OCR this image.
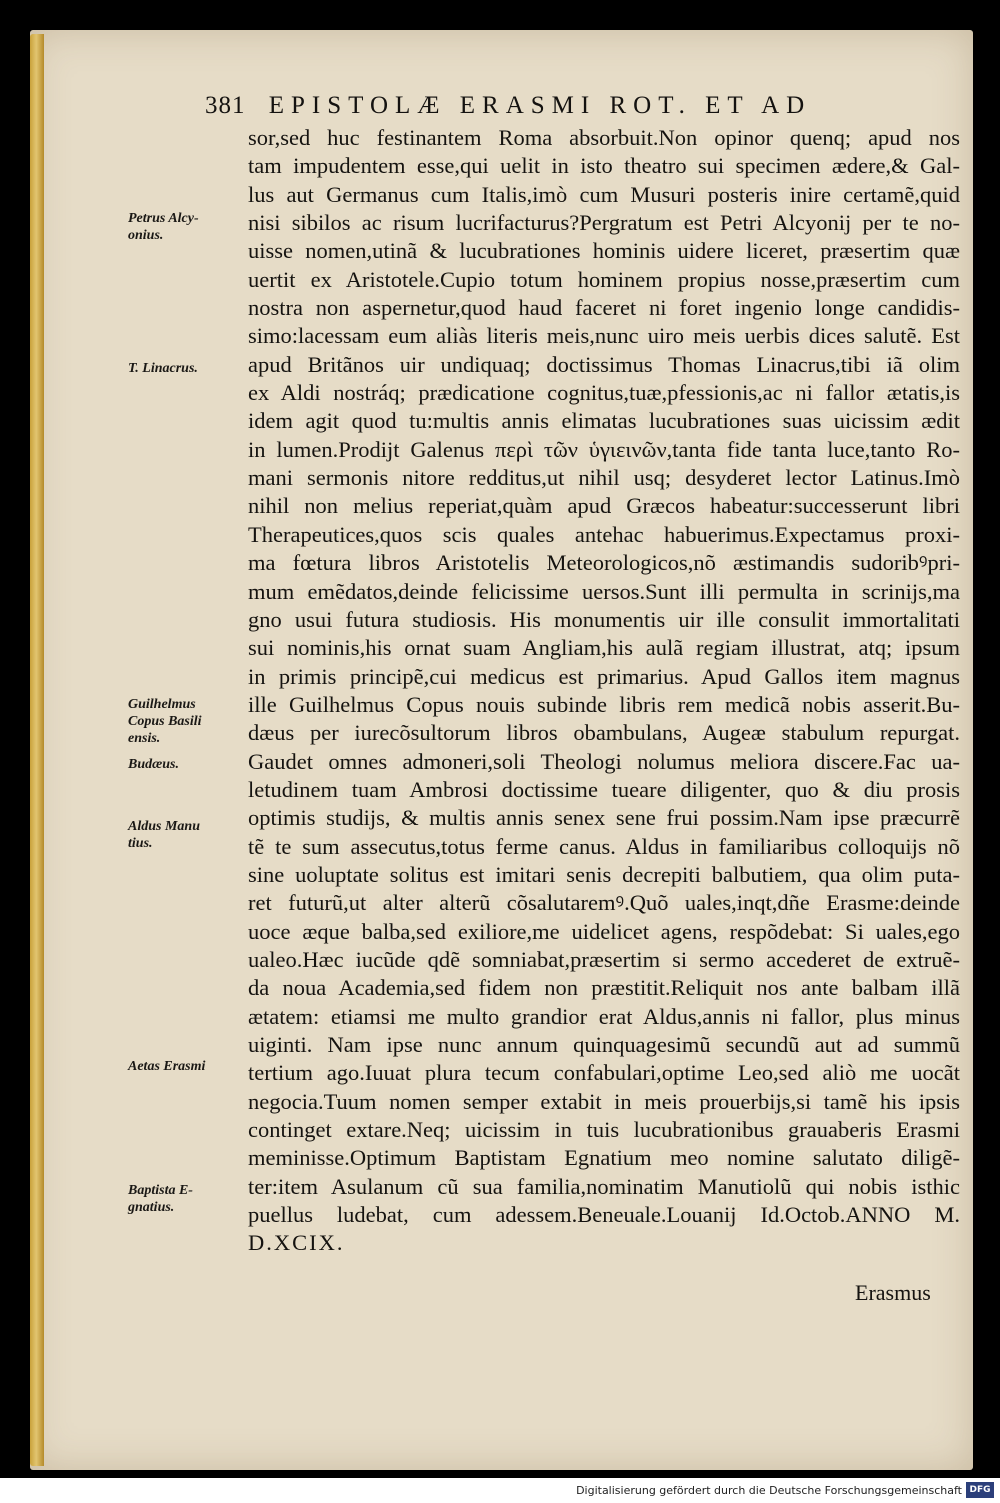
381 EPISTOLÆ ERASMI ROT. ET AD
sor,sed huc festinantem Roma absorbuit.Non opinor quenq; apud nos
tam impudentem esse,qui uelit in isto theatro sui specimen ædere,& Gal-
lus aut Germanus cum Italis,imò cum Musuri posteris inire certamẽ,quid
nisi sibilos ac risum lucrifacturus?Pergratum est Petri Alcyonij per te no-
uisse nomen,utinã & lucubrationes hominis uidere liceret, præsertim quæ
uertit ex Aristotele.Cupio totum hominem propius nosse,præsertim cum
nostra non aspernetur,quod haud faceret ni foret ingenio longe candidis-
simo:lacessam eum aliàs literis meis,nunc uiro meis uerbis dices salutẽ. Est
apud Britãnos uir undiquaq; doctissimus Thomas Linacrus,tibi iã olim
ex Aldi nostráq; prædicatione cognitus,tuæ,pfessionis,ac ni fallor ætatis,is
idem agit quod tu:multis annis elimatas lucubrationes suas uicissim ædit
in lumen.Prodijt Galenus περὶ τῶν ὑγιεινῶν,tanta fide tanta luce,tanto Ro-
mani sermonis nitore redditus,ut nihil usq; desyderet lector Latinus.Imò
nihil non melius reperiat,quàm apud Græcos habeatur:successerunt libri
Therapeutices,quos scis quales antehac habuerimus.Expectamus proxi-
ma fœtura libros Aristotelis Meteorologicos,nõ æstimandis sudoribꝰpri-
mum emẽdatos,deinde felicissime uersos.Sunt illi permulta in scrinijs,ma
gno usui futura studiosis. His monumentis uir ille consulit immortalitati
sui nominis,his ornat suam Angliam,his aulã regiam illustrat, atq; ipsum
in primis principẽ,cui medicus est primarius. Apud Gallos item magnus
ille Guilhelmus Copus nouis subinde libris rem medicã nobis asserit.Bu-
dæus per iurecõsultorum libros obambulans, Augeæ stabulum repurgat.
Gaudet omnes admoneri,soli Theologi nolumus meliora discere.Fac ua-
letudinem tuam Ambrosi doctissime tueare diligenter, quo & diu prosis
optimis studijs, & multis annis senex sene frui possim.Nam ipse præcurrẽ
tẽ te sum assecutus,totus ferme canus. Aldus in familiaribus colloquijs nõ
sine uoluptate solitus est imitari senis decrepiti balbutiem, qua olim puta-
ret futurũ,ut alter alterũ cõsalutaremꝰ.Quõ uales,inqt,dñe Erasme:deinde
uoce æque balba,sed exiliore,me uidelicet agens, respõdebat: Si uales,ego
ualeo.Hæc iucũde qdẽ somniabat,præsertim si sermo accederet de extruẽ-
da noua Academia,sed fidem non præstitit.Reliquit nos ante balbam illã
ætatem: etiamsi me multo grandior erat Aldus,annis ni fallor, plus minus
uiginti. Nam ipse nunc annum quinquagesimũ secundũ aut ad summũ
tertium ago.Iuuat plura tecum confabulari,optime Leo,sed aliò me uocãt
negocia.Tuum nomen semper extabit in meis prouerbijs,si tamẽ his ipsis
continget extare.Neq; uicissim in tuis lucubrationibus grauaberis Erasmi
meminisse.Optimum Baptistam Egnatium meo nomine salutato diligẽ-
ter:item Asulanum cũ sua familia,nominatim Manutiolũ qui nobis isthic
puellus ludebat, cum adessem.Beneuale.Louanij Id.Octob.ANNO M.
D.XCIX.
Petrus Alcy-
onius.
T. Linacrus.
Guilhelmus
Copus Basili
ensis.
Budæus.
Aldus Manu
tius.
Aetas Erasmi
Baptista E-
gnatius.
Erasmus
Digitalisierung gefördert durch die Deutsche Forschungsgemeinschaft DFG
